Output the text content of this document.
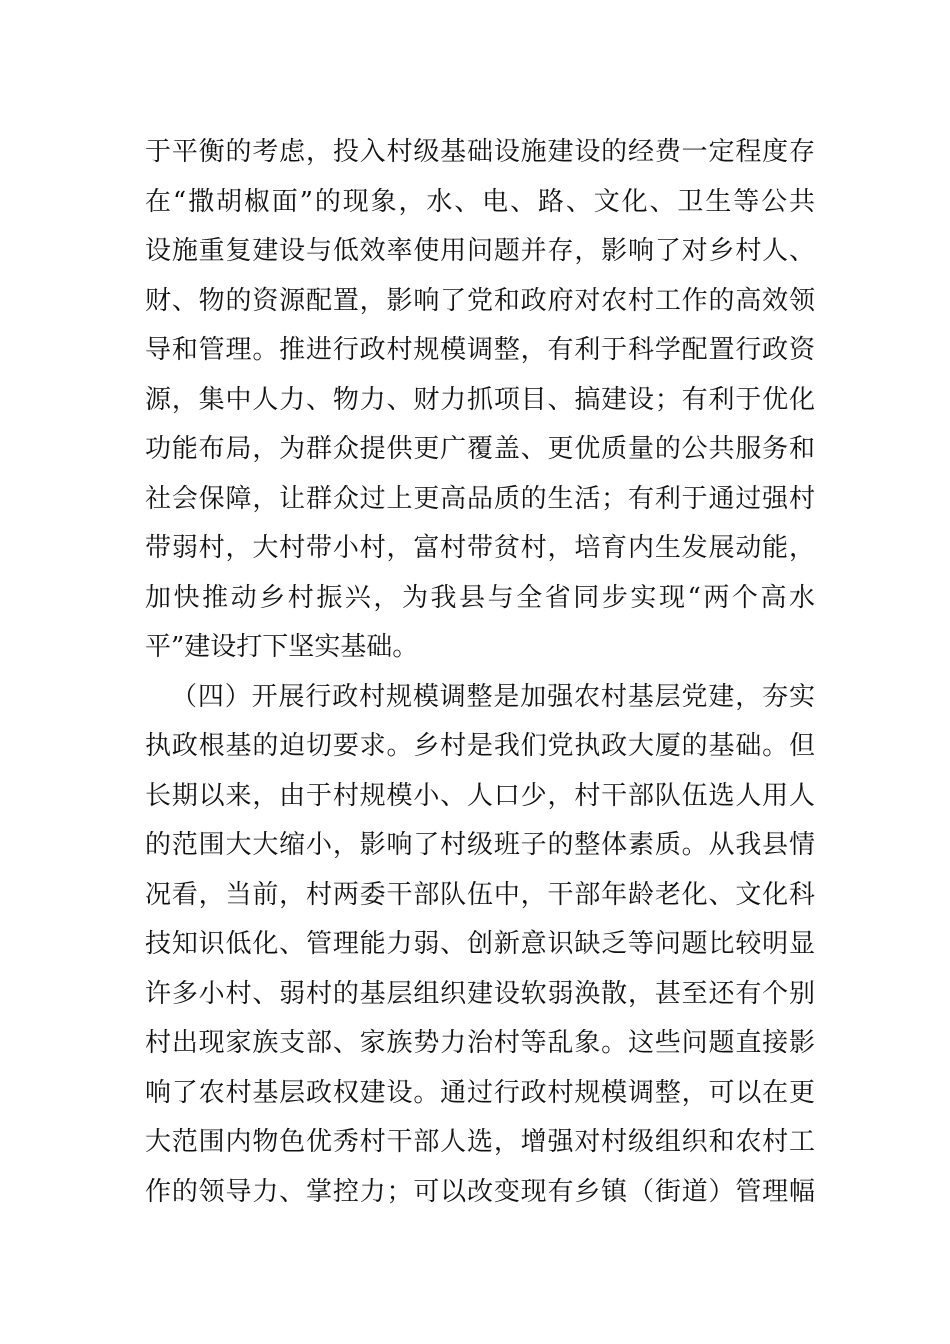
于平衡的考虑，投入村级基础设施建设的经费一定程度存
在“撒胡椒面”的现象，水、电、路、文化、卫生等公共
设施重复建设与低效率使用问题并存，影响了对乡村人、
财、物的资源配置，影响了党和政府对农村工作的高效领
导和管理。推进行政村规模调整，有利于科学配置行政资
源，集中人力、物力、财力抓项目、搞建设；有利于优化
功能布局，为群众提供更广覆盖、更优质量的公共服务和
社会保障，让群众过上更高品质的生活；有利于通过强村
带弱村，大村带小村，富村带贫村，培育内生发展动能，
加快推动乡村振兴，为我县与全省同步实现“两个高水
平”建设打下坚实基础。
（四）开展行政村规模调整是加强农村基层党建，夯实
执政根基的迫切要求。乡村是我们党执政大厦的基础。但
长期以来，由于村规模小、人口少，村干部队伍选人用人
的范围大大缩小，影响了村级班子的整体素质。从我县情
况看，当前，村两委干部队伍中，干部年龄老化、文化科
技知识低化、管理能力弱、创新意识缺乏等问题比较明显
许多小村、弱村的基层组织建设软弱涣散，甚至还有个别
村出现家族支部、家族势力治村等乱象。这些问题直接影
响了农村基层政权建设。通过行政村规模调整，可以在更
大范围内物色优秀村干部人选，增强对村级组织和农村工
作的领导力、掌控力；可以改变现有乡镇（街道）管理幅
